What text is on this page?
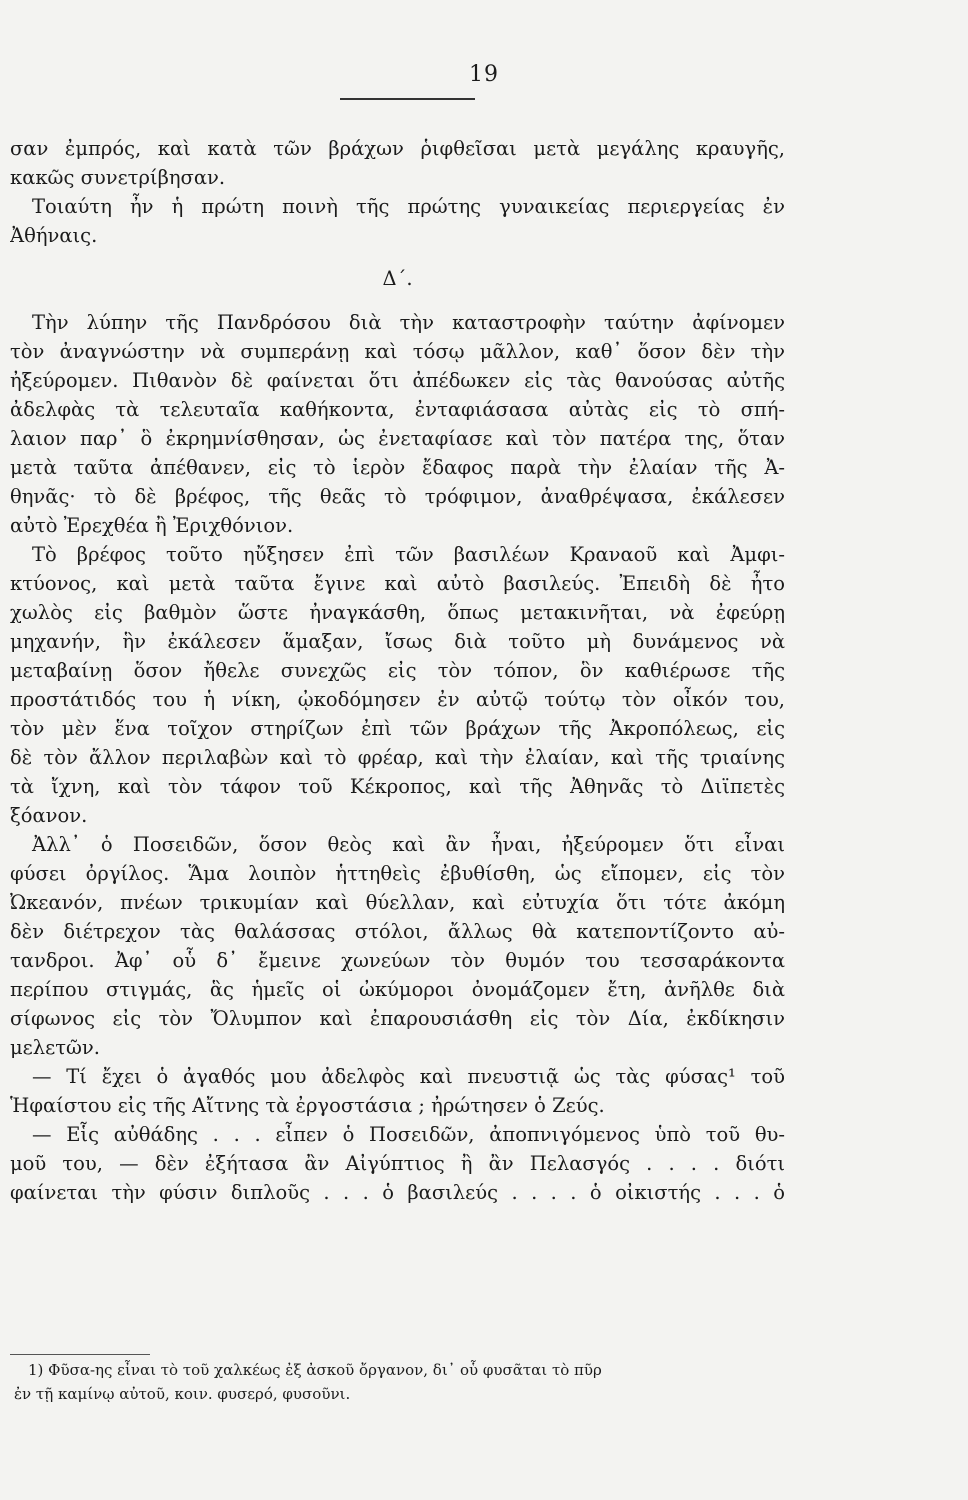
19
σαν ἐμπρός, καὶ κατὰ τῶν βράχων ῥιφθεῖσαι μετὰ μεγάλης κραυγῆς,
κακῶς συνετρίβησαν.
Τοιαύτη ἦν ἡ πρώτη ποινὴ τῆς πρώτης γυναικείας περιεργείας ἐν
Ἀθήναις.
Δ΄.
Τὴν λύπην τῆς Πανδρόσου διὰ τὴν καταστροφὴν ταύτην ἀφίνομεν
τὸν ἀναγνώστην νὰ συμπεράνῃ καὶ τόσῳ μᾶλλον, καθ᾽ ὅσον δὲν τὴν
ἠξεύρομεν. Πιθανὸν δὲ φαίνεται ὅτι ἀπέδωκεν εἰς τὰς θανούσας αὐτῆς
ἀδελφὰς τὰ τελευταῖα καθήκοντα, ἐνταφιάσασα αὐτὰς εἰς τὸ σπή-
λαιον παρ᾽ ὃ ἐκρημνίσθησαν, ὡς ἐνεταφίασε καὶ τὸν πατέρα της, ὅταν
μετὰ ταῦτα ἀπέθανεν, εἰς τὸ ἱερὸν ἔδαφος παρὰ τὴν ἐλαίαν τῆς Ἀ-
θηνᾶς· τὸ δὲ βρέφος, τῆς θεᾶς τὸ τρόφιμον, ἀναθρέψασα, ἐκάλεσεν
αὐτὸ Ἐρεχθέα ἢ Ἐριχθόνιον.
Τὸ βρέφος τοῦτο ηὔξησεν ἐπὶ τῶν βασιλέων Κραναοῦ καὶ Ἀμφι-
κτύονος, καὶ μετὰ ταῦτα ἔγινε καὶ αὐτὸ βασιλεύς. Ἐπειδὴ δὲ ἦτο
χωλὸς εἰς βαθμὸν ὥστε ἠναγκάσθη, ὅπως μετακινῆται, νὰ ἐφεύρῃ
μηχανήν, ἣν ἐκάλεσεν ἅμαξαν, ἴσως διὰ τοῦτο μὴ δυνάμενος νὰ
μεταβαίνῃ ὅσον ἤθελε συνεχῶς εἰς τὸν τόπον, ὃν καθιέρωσε τῆς
προστάτιδός του ἡ νίκη, ᾠκοδόμησεν ἐν αὐτῷ τούτῳ τὸν οἶκόν του,
τὸν μὲν ἕνα τοῖχον στηρίζων ἐπὶ τῶν βράχων τῆς Ἀκροπόλεως, εἰς
δὲ τὸν ἄλλον περιλαβὼν καὶ τὸ φρέαρ, καὶ τὴν ἐλαίαν, καὶ τῆς τριαίνης
τὰ ἴχνη, καὶ τὸν τάφον τοῦ Κέκροπος, καὶ τῆς Ἀθηνᾶς τὸ Διϊπετὲς
ξόανον.
Ἀλλ᾽ ὁ Ποσειδῶν, ὅσον θεὸς καὶ ἂν ἦναι, ἠξεύρομεν ὅτι εἶναι
φύσει ὀργίλος. Ἅμα λοιπὸν ἡττηθεὶς ἐβυθίσθη, ὡς εἴπομεν, εἰς τὸν
Ὠκεανόν, πνέων τρικυμίαν καὶ θύελλαν, καὶ εὐτυχία ὅτι τότε ἀκόμη
δὲν διέτρεχον τὰς θαλάσσας στόλοι, ἄλλως θὰ κατεποντίζοντο αὐ-
τανδροι. Ἀφ᾽ οὗ δ᾽ ἔμεινε χωνεύων τὸν θυμόν του τεσσαράκοντα
περίπου στιγμάς, ἃς ἡμεῖς οἱ ὠκύμοροι ὀνομάζομεν ἔτη, ἀνῆλθε διὰ
σίφωνος εἰς τὸν Ὄλυμπον καὶ ἐπαρουσιάσθη εἰς τὸν Δία, ἐκδίκησιν
μελετῶν.
— Τί ἔχει ὁ ἀγαθός μου ἀδελφὸς καὶ πνευστιᾷ ὡς τὰς φύσας¹ τοῦ
Ἡφαίστου εἰς τῆς Αἴτνης τὰ ἐργοστάσια ; ἠρώτησεν ὁ Ζεύς.
— Εἷς αὐθάδης . . . εἶπεν ὁ Ποσειδῶν, ἀποπνιγόμενος ὑπὸ τοῦ θυ-
μοῦ του, — δὲν ἐξήτασα ἂν Αἰγύπτιος ἢ ἂν Πελασγός . . . . διότι
φαίνεται τὴν φύσιν διπλοῦς . . . ὁ βασιλεύς . . . . ὁ οἰκιστής . . . ὁ
1) Φῦσα-ης εἶναι τὸ τοῦ χαλκέως ἐξ ἀσκοῦ ὄργανον, δι᾽ οὗ φυσᾶται τὸ πῦρ
ἐν τῇ καμίνῳ αὐτοῦ, κοιν. φυσερό, φυσοῦνι.
